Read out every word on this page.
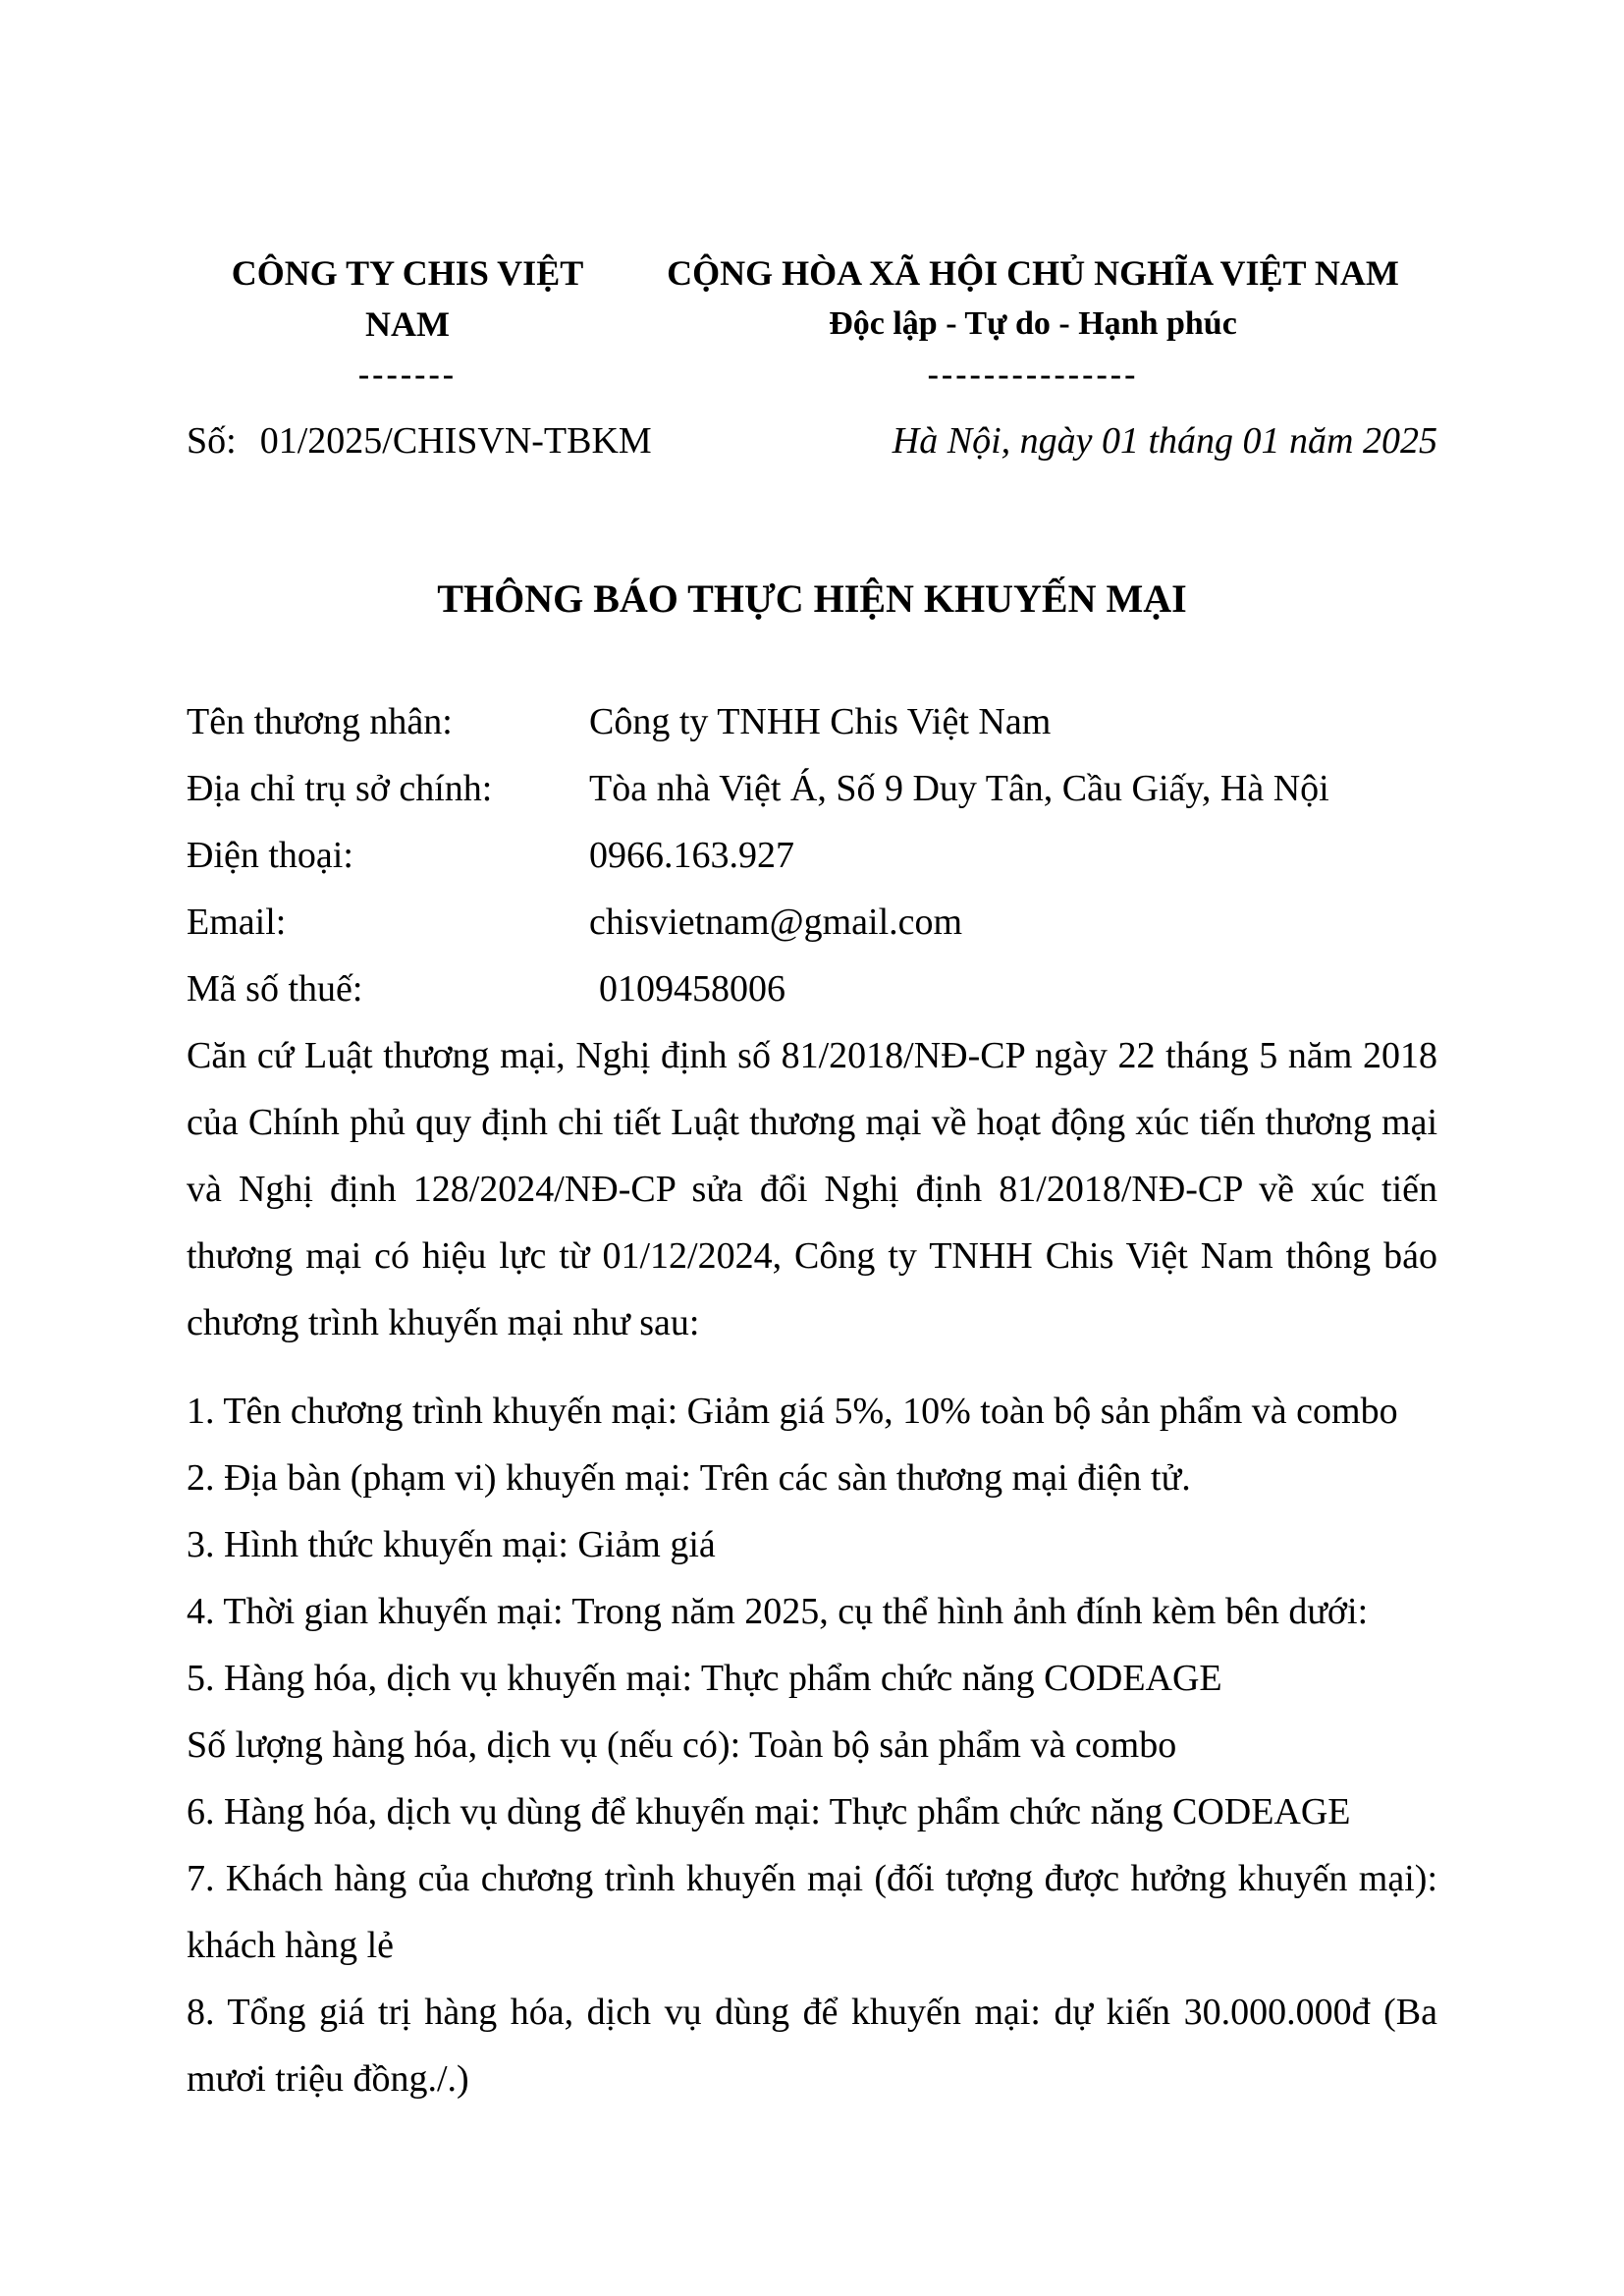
CÔNG TY CHIS VIỆT NAM
-------
CỘNG HÒA XÃ HỘI CHỦ NGHĨA VIỆT NAM
Độc lập - Tự do - Hạnh phúc
---------------
Số: 01/2025/CHISVN-TBKM	Hà Nội, ngày 01 tháng 01 năm 2025
THÔNG BÁO THỰC HIỆN KHUYẾN MẠI
Tên thương nhân:	Công ty TNHH Chis Việt Nam
Địa chỉ trụ sở chính:	Tòa nhà Việt Á, Số 9 Duy Tân, Cầu Giấy, Hà Nội
Điện thoại:	0966.163.927
Email:	chisvietnam@gmail.com
Mã số thuế:	0109458006
Căn cứ Luật thương mại, Nghị định số 81/2018/NĐ-CP ngày 22 tháng 5 năm 2018 của Chính phủ quy định chi tiết Luật thương mại về hoạt động xúc tiến thương mại và Nghị định 128/2024/NĐ-CP sửa đổi Nghị định 81/2018/NĐ-CP về xúc tiến thương mại có hiệu lực từ 01/12/2024, Công ty TNHH Chis Việt Nam thông báo chương trình khuyến mại như sau:
1. Tên chương trình khuyến mại: Giảm giá 5%, 10% toàn bộ sản phẩm và combo
2. Địa bàn (phạm vi) khuyến mại: Trên các sàn thương mại điện tử.
3. Hình thức khuyến mại: Giảm giá
4. Thời gian khuyến mại: Trong năm 2025, cụ thể hình ảnh đính kèm bên dưới:
5. Hàng hóa, dịch vụ khuyến mại: Thực phẩm chức năng CODEAGE
Số lượng hàng hóa, dịch vụ (nếu có): Toàn bộ sản phẩm và combo
6. Hàng hóa, dịch vụ dùng để khuyến mại: Thực phẩm chức năng CODEAGE
7. Khách hàng của chương trình khuyến mại (đối tượng được hưởng khuyến mại): khách hàng lẻ
8. Tổng giá trị hàng hóa, dịch vụ dùng để khuyến mại: dự kiến 30.000.000đ (Ba mươi triệu đồng./.)
